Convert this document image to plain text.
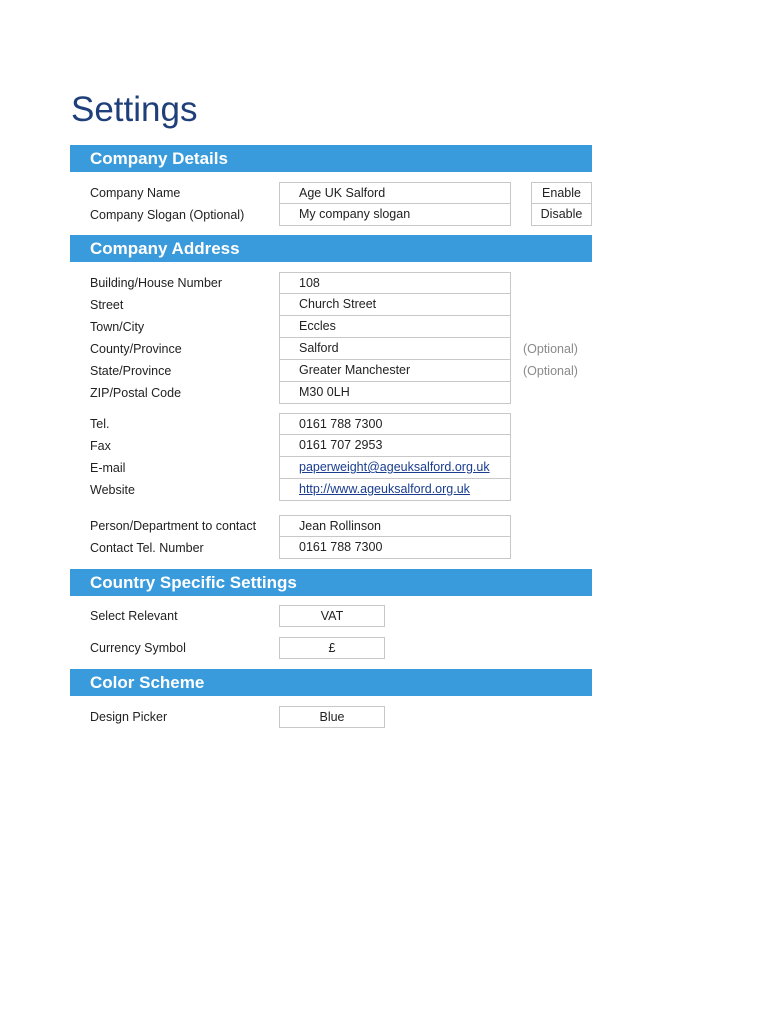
Settings
Company Details
Company Name	Age UK Salford	Enable
Company Slogan (Optional)	My company slogan	Disable
Company Address
Building/House Number	108
Street	Church Street
Town/City	Eccles
County/Province	Salford	(Optional)
State/Province	Greater Manchester	(Optional)
ZIP/Postal Code	M30 0LH
Tel.	0161 788 7300
Fax	0161 707 2953
E-mail	paperweight@ageuksalford.org.uk
Website	http://www.ageuksalford.org.uk
Person/Department to contact	Jean Rollinson
Contact Tel. Number	0161 788 7300
Country Specific Settings
Select Relevant	VAT
Currency Symbol	£
Color Scheme
Design Picker	Blue
